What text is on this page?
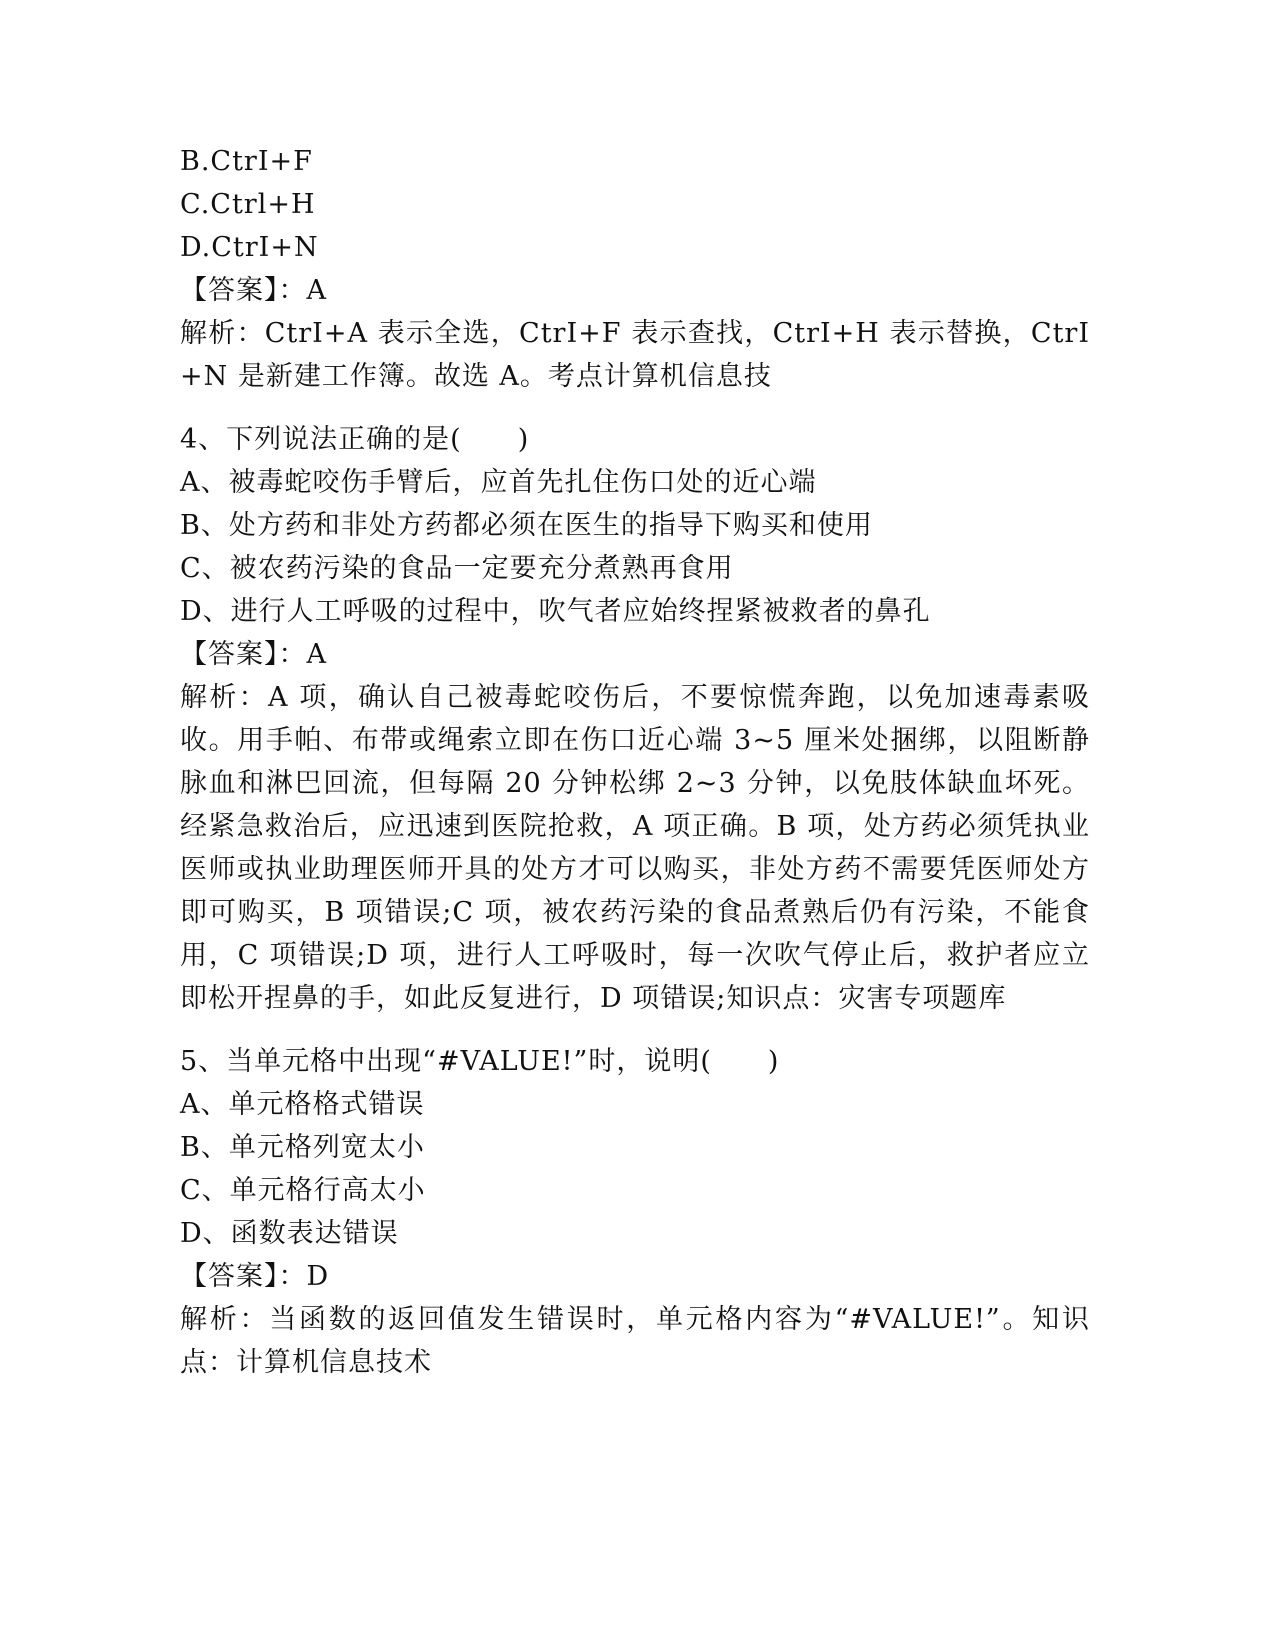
B.CtrI+F
C.Ctrl+H
D.CtrI+N
【答案】：A
解析：CtrI+A 表示全选，CtrI+F 表示查找，CtrI+H 表示替换，CtrI+N 是新建工作簿。故选 A。考点计算机信息技
4、下列说法正确的是(　　)
A、被毒蛇咬伤手臂后，应首先扎住伤口处的近心端
B、处方药和非处方药都必须在医生的指导下购买和使用
C、被农药污染的食品一定要充分煮熟再食用
D、进行人工呼吸的过程中，吹气者应始终捏紧被救者的鼻孔
【答案】：A
解析：A 项，确认自己被毒蛇咬伤后，不要惊慌奔跑，以免加速毒素吸收。用手帕、布带或绳索立即在伤口近心端 3~5 厘米处捆绑，以阻断静脉血和淋巴回流，但每隔 20 分钟松绑 2~3 分钟，以免肢体缺血坏死。经紧急救治后，应迅速到医院抢救，A 项正确。B 项，处方药必须凭执业医师或执业助理医师开具的处方才可以购买，非处方药不需要凭医师处方即可购买，B 项错误;C 项，被农药污染的食品煮熟后仍有污染，不能食用，C 项错误;D 项，进行人工呼吸时，每一次吹气停止后，救护者应立即松开捏鼻的手，如此反复进行，D 项错误;知识点：灾害专项题库
5、当单元格中出现“#VALUE!”时，说明(　　)
A、单元格格式错误
B、单元格列宽太小
C、单元格行高太小
D、函数表达错误
【答案】：D
解析：当函数的返回值发生错误时，单元格内容为“#VALUE!”。知识点：计算机信息技术
